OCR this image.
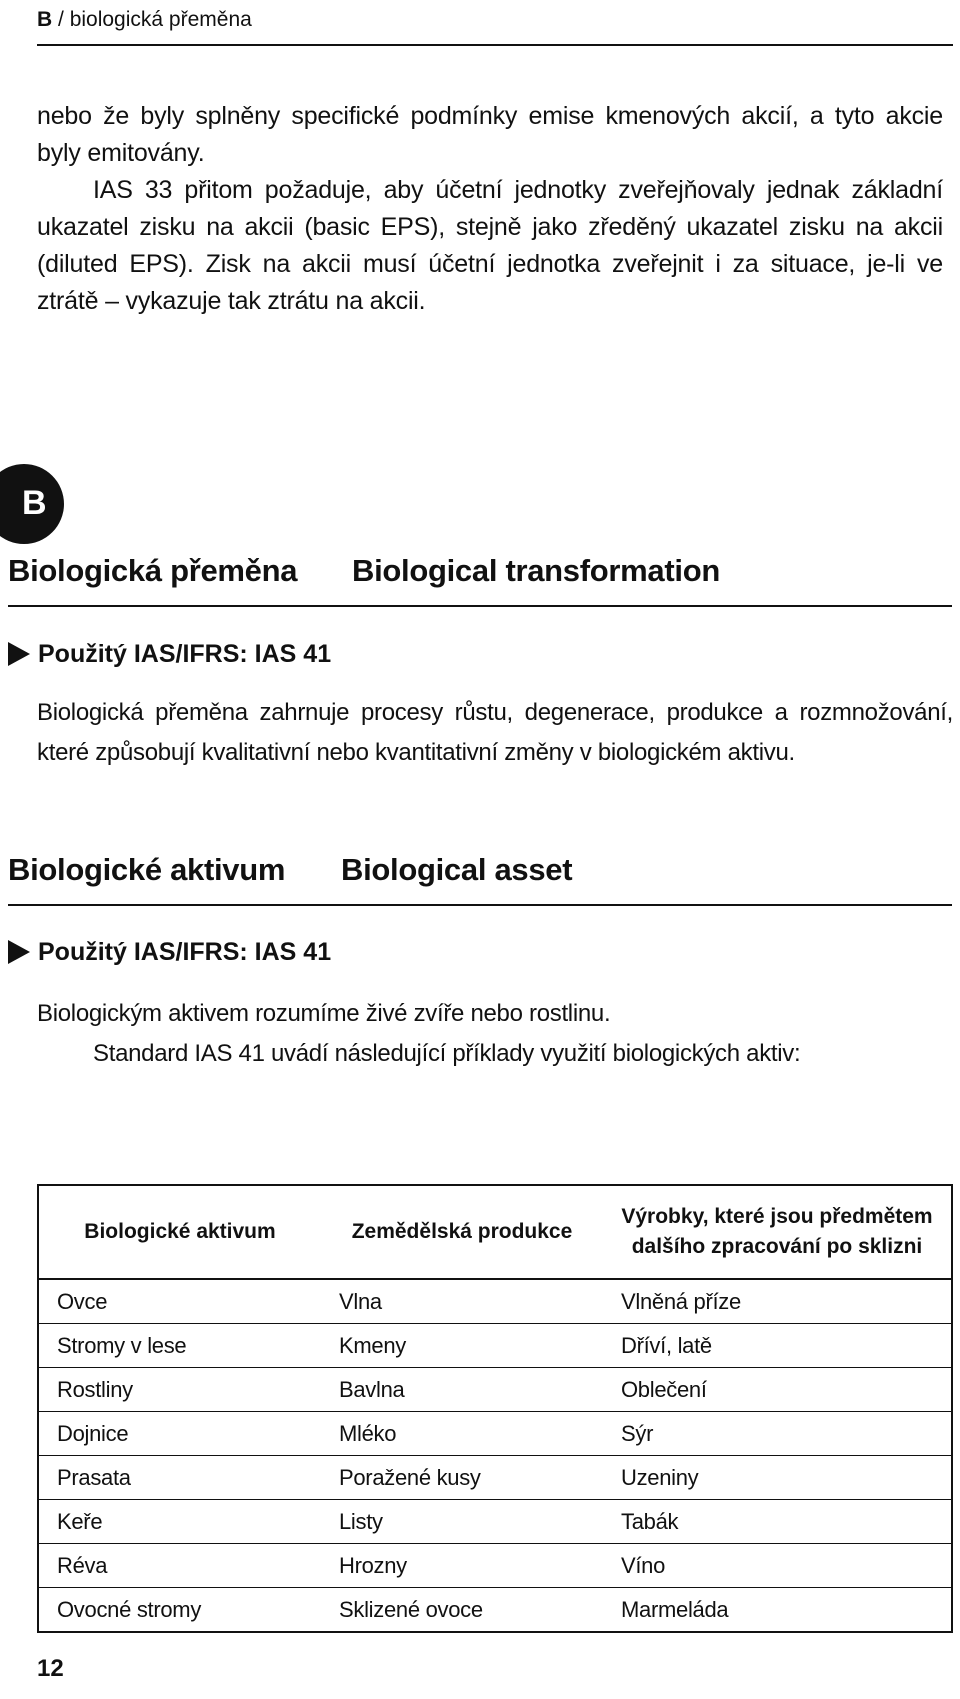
B / biologická přeměna

nebo že byly splněny specifické podmínky emise kmenových akcií, a tyto akcie byly emitovány.

IAS 33 přitom požaduje, aby účetní jednotky zveřejňovaly jednak základní ukazatel zisku na akcii (basic EPS), stejně jako zředěný ukazatel zisku na akcii (diluted EPS). Zisk na akcii musí účetní jednotka zveřejnit i za situace, je-li ve ztrátě – vykazuje tak ztrátu na akcii.

B
Biologická přeměna Biological transformation
Použitý IAS/IFRS: IAS 41

Biologická přeměna zahrnuje procesy růstu, degenerace, produkce a rozmnožování, které způsobují kvalitativní nebo kvantitativní změny v biologickém aktivu.

Biologické aktivum Biological asset
Použitý IAS/IFRS: IAS 41

Biologickým aktivem rozumíme živé zvíře nebo rostlinu.

Standard IAS 41 uvádí následující příklady využití biologických aktiv:

Biologické aktivum	Zemědělská produkce	Výrobky, které jsou předmětem dalšího zpracování po sklizni
Ovce	Vlna	Vlněná příze
Stromy v lese	Kmeny	Dříví, latě
Rostliny	Bavlna	Oblečení
Dojnice	Mléko	Sýr
Prasata	Poražené kusy	Uzeniny
Keře	Listy	Tabák
Réva	Hrozny	Víno
Ovocné stromy	Sklizené ovoce	Marmeláda
12
